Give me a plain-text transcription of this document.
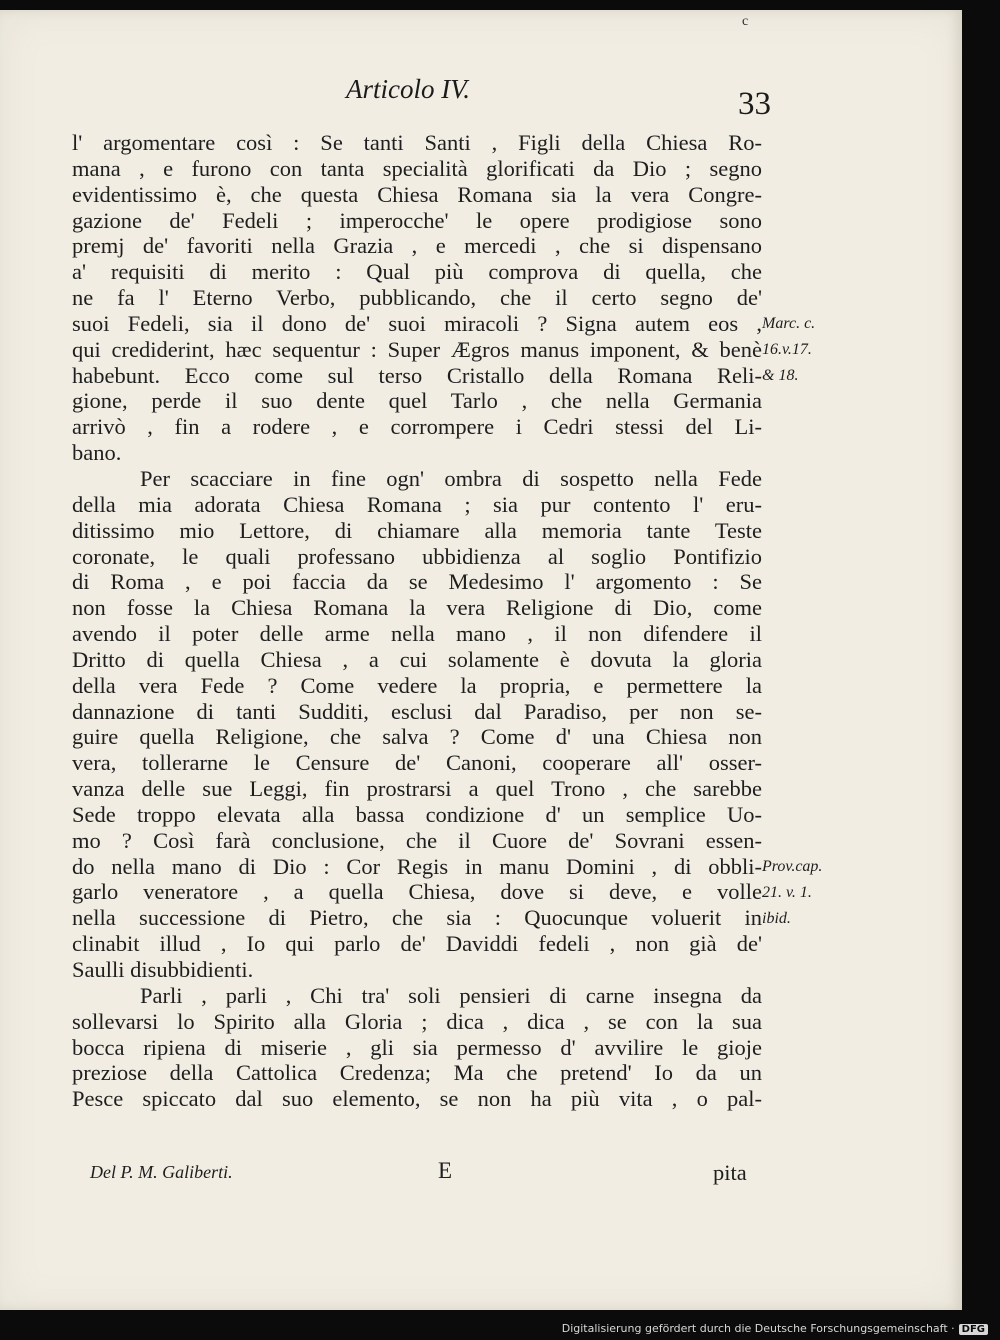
c
Articolo IV.	33
l' argomentare così : Se tanti Santi , Figli della Chiesa Ro-
mana , e furono con tanta specialità glorificati da Dio ; segno
evidentissimo è, che questa Chiesa Romana sia la vera Congre-
gazione de' Fedeli ; imperocche' le opere prodigiose sono
premj de' favoriti nella Grazia , e mercedi , che si dispensano
a' requisiti di merito : Qual più comprova di quella, che
ne fa l' Eterno Verbo, pubblicando, che il certo segno de'
suoi Fedeli, sia il dono de' suoi miracoli ? Signa autem eos ,
qui crediderint, hæc sequentur : Super Ægros manus imponent, & benè
habebunt. Ecco come sul terso Cristallo della Romana Reli-
gione, perde il suo dente quel Tarlo , che nella Germania
arrivò , fin a rodere , e corrompere i Cedri stessi del Li-
bano.
Per scacciare in fine ogn' ombra di sospetto nella Fede
della mia adorata Chiesa Romana ; sia pur contento l' eru-
ditissimo mio Lettore, di chiamare alla memoria tante Teste
coronate, le quali professano ubbidienza al soglio Pontifizio
di Roma , e poi faccia da se Medesimo l' argomento : Se
non fosse la Chiesa Romana la vera Religione di Dio, come
avendo il poter delle arme nella mano , il non difendere il
Dritto di quella Chiesa , a cui solamente è dovuta la gloria
della vera Fede ? Come vedere la propria, e permettere la
dannazione di tanti Sudditi, esclusi dal Paradiso, per non se-
guire quella Religione, che salva ? Come d' una Chiesa non
vera, tollerarne le Censure de' Canoni, cooperare all' osser-
vanza delle sue Leggi, fin prostrarsi a quel Trono , che sarebbe
Sede troppo elevata alla bassa condizione d' un semplice Uo-
mo ? Così farà conclusione, che il Cuore de' Sovrani essen-
do nella mano di Dio : Cor Regis in manu Domini , di obbli-
garlo veneratore , a quella Chiesa, dove si deve, e volle
nella successione di Pietro, che sia : Quocunque voluerit in
clinabit illud , Io qui parlo de' Daviddi fedeli , non già de'
Saulli disubbidienti.
Parli , parli , Chi tra' soli pensieri di carne insegna da
sollevarsi lo Spirito alla Gloria ; dica , dica , se con la sua
bocca ripiena di miserie , gli sia permesso d' avvilire le gioje
preziose della Cattolica Credenza; Ma che pretend' Io da un
Pesce spiccato dal suo elemento, se non ha più vita , o pal-
Marc. c.
16.v.17.
& 18.
Prov.cap.
21. v. 1.
ibid.
Del P. M. Galiberti.	E	pita
Digitalisierung gefördert durch die Deutsche Forschungsgemeinschaft · DFG
